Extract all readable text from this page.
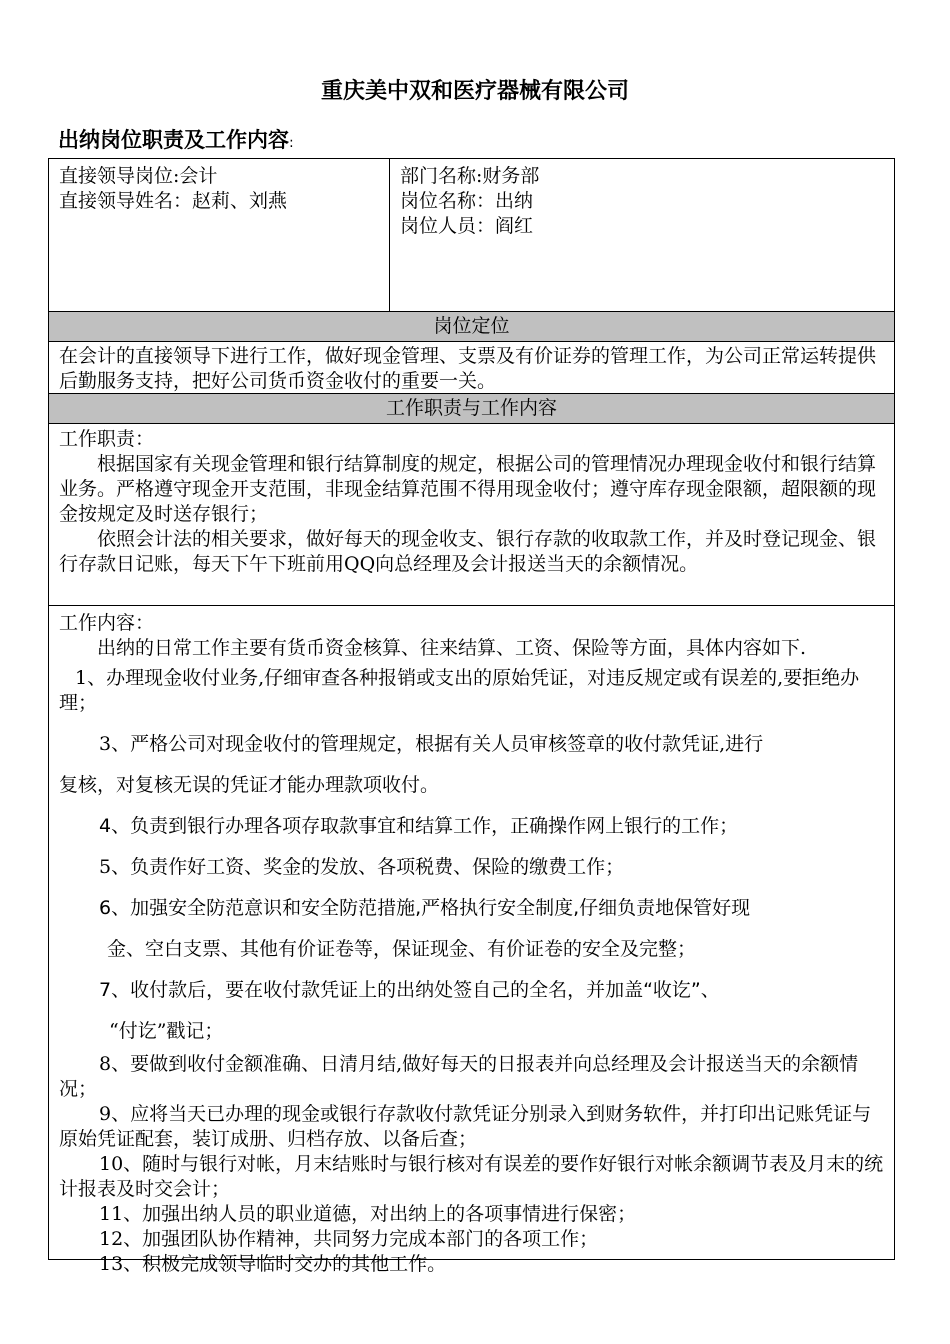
重庆美中双和医疗器械有限公司
出纳岗位职责及工作内容:
直接领导岗位:会计
直接领导姓名：赵莉、刘燕
部门名称:财务部
岗位名称：出纳
岗位人员：阎红
岗位定位
在会计的直接领导下进行工作，做好现金管理、支票及有价证券的管理工作，为公司正常运转提供后勤服务支持，把好公司货币资金收付的重要一关。
工作职责与工作内容

工作职责：

根据国家有关现金管理和银行结算制度的规定，根据公司的管理情况办理现金收付和银行结算业务。严格遵守现金开支范围，非现金结算范围不得用现金收付；遵守库存现金限额，超限额的现金按规定及时送存银行；

依照会计法的相关要求，做好每天的现金收支、银行存款的收取款工作，并及时登记现金、银行存款日记账，每天下午下班前用QQ向总经理及会计报送当天的余额情况。

工作内容：

出纳的日常工作主要有货币资金核算、往来结算、工资、保险等方面，具体内容如下.

1、办理现金收付业务,仔细审查各种报销或支出的原始凭证，对违反规定或有误差的,要拒绝办理；

3、严格公司对现金收付的管理规定，根据有关人员审核签章的收付款凭证,进行

复核，对复核无误的凭证才能办理款项收付。

4、负责到银行办理各项存取款事宜和结算工作，正确操作网上银行的工作；

5、负责作好工资、奖金的发放、各项税费、保险的缴费工作；

6、加强安全防范意识和安全防范措施,严格执行安全制度,仔细负责地保管好现

金、空白支票、其他有价证卷等，保证现金、有价证卷的安全及完整；

7、收付款后，要在收付款凭证上的出纳处签自己的全名，并加盖“收讫”、

“付讫”戳记；

8、要做到收付金额准确、日清月结,做好每天的日报表并向总经理及会计报送当天的余额情况；

9、应将当天已办理的现金或银行存款收付款凭证分别录入到财务软件，并打印出记账凭证与原始凭证配套，装订成册、归档存放、以备后查；

10、随时与银行对帐，月末结账时与银行核对有误差的要作好银行对帐余额调节表及月末的统计报表及时交会计；

11、加强出纳人员的职业道德，对出纳上的各项事情进行保密；

12、加强团队协作精神，共同努力完成本部门的各项工作；

13、积极完成领导临时交办的其他工作。
